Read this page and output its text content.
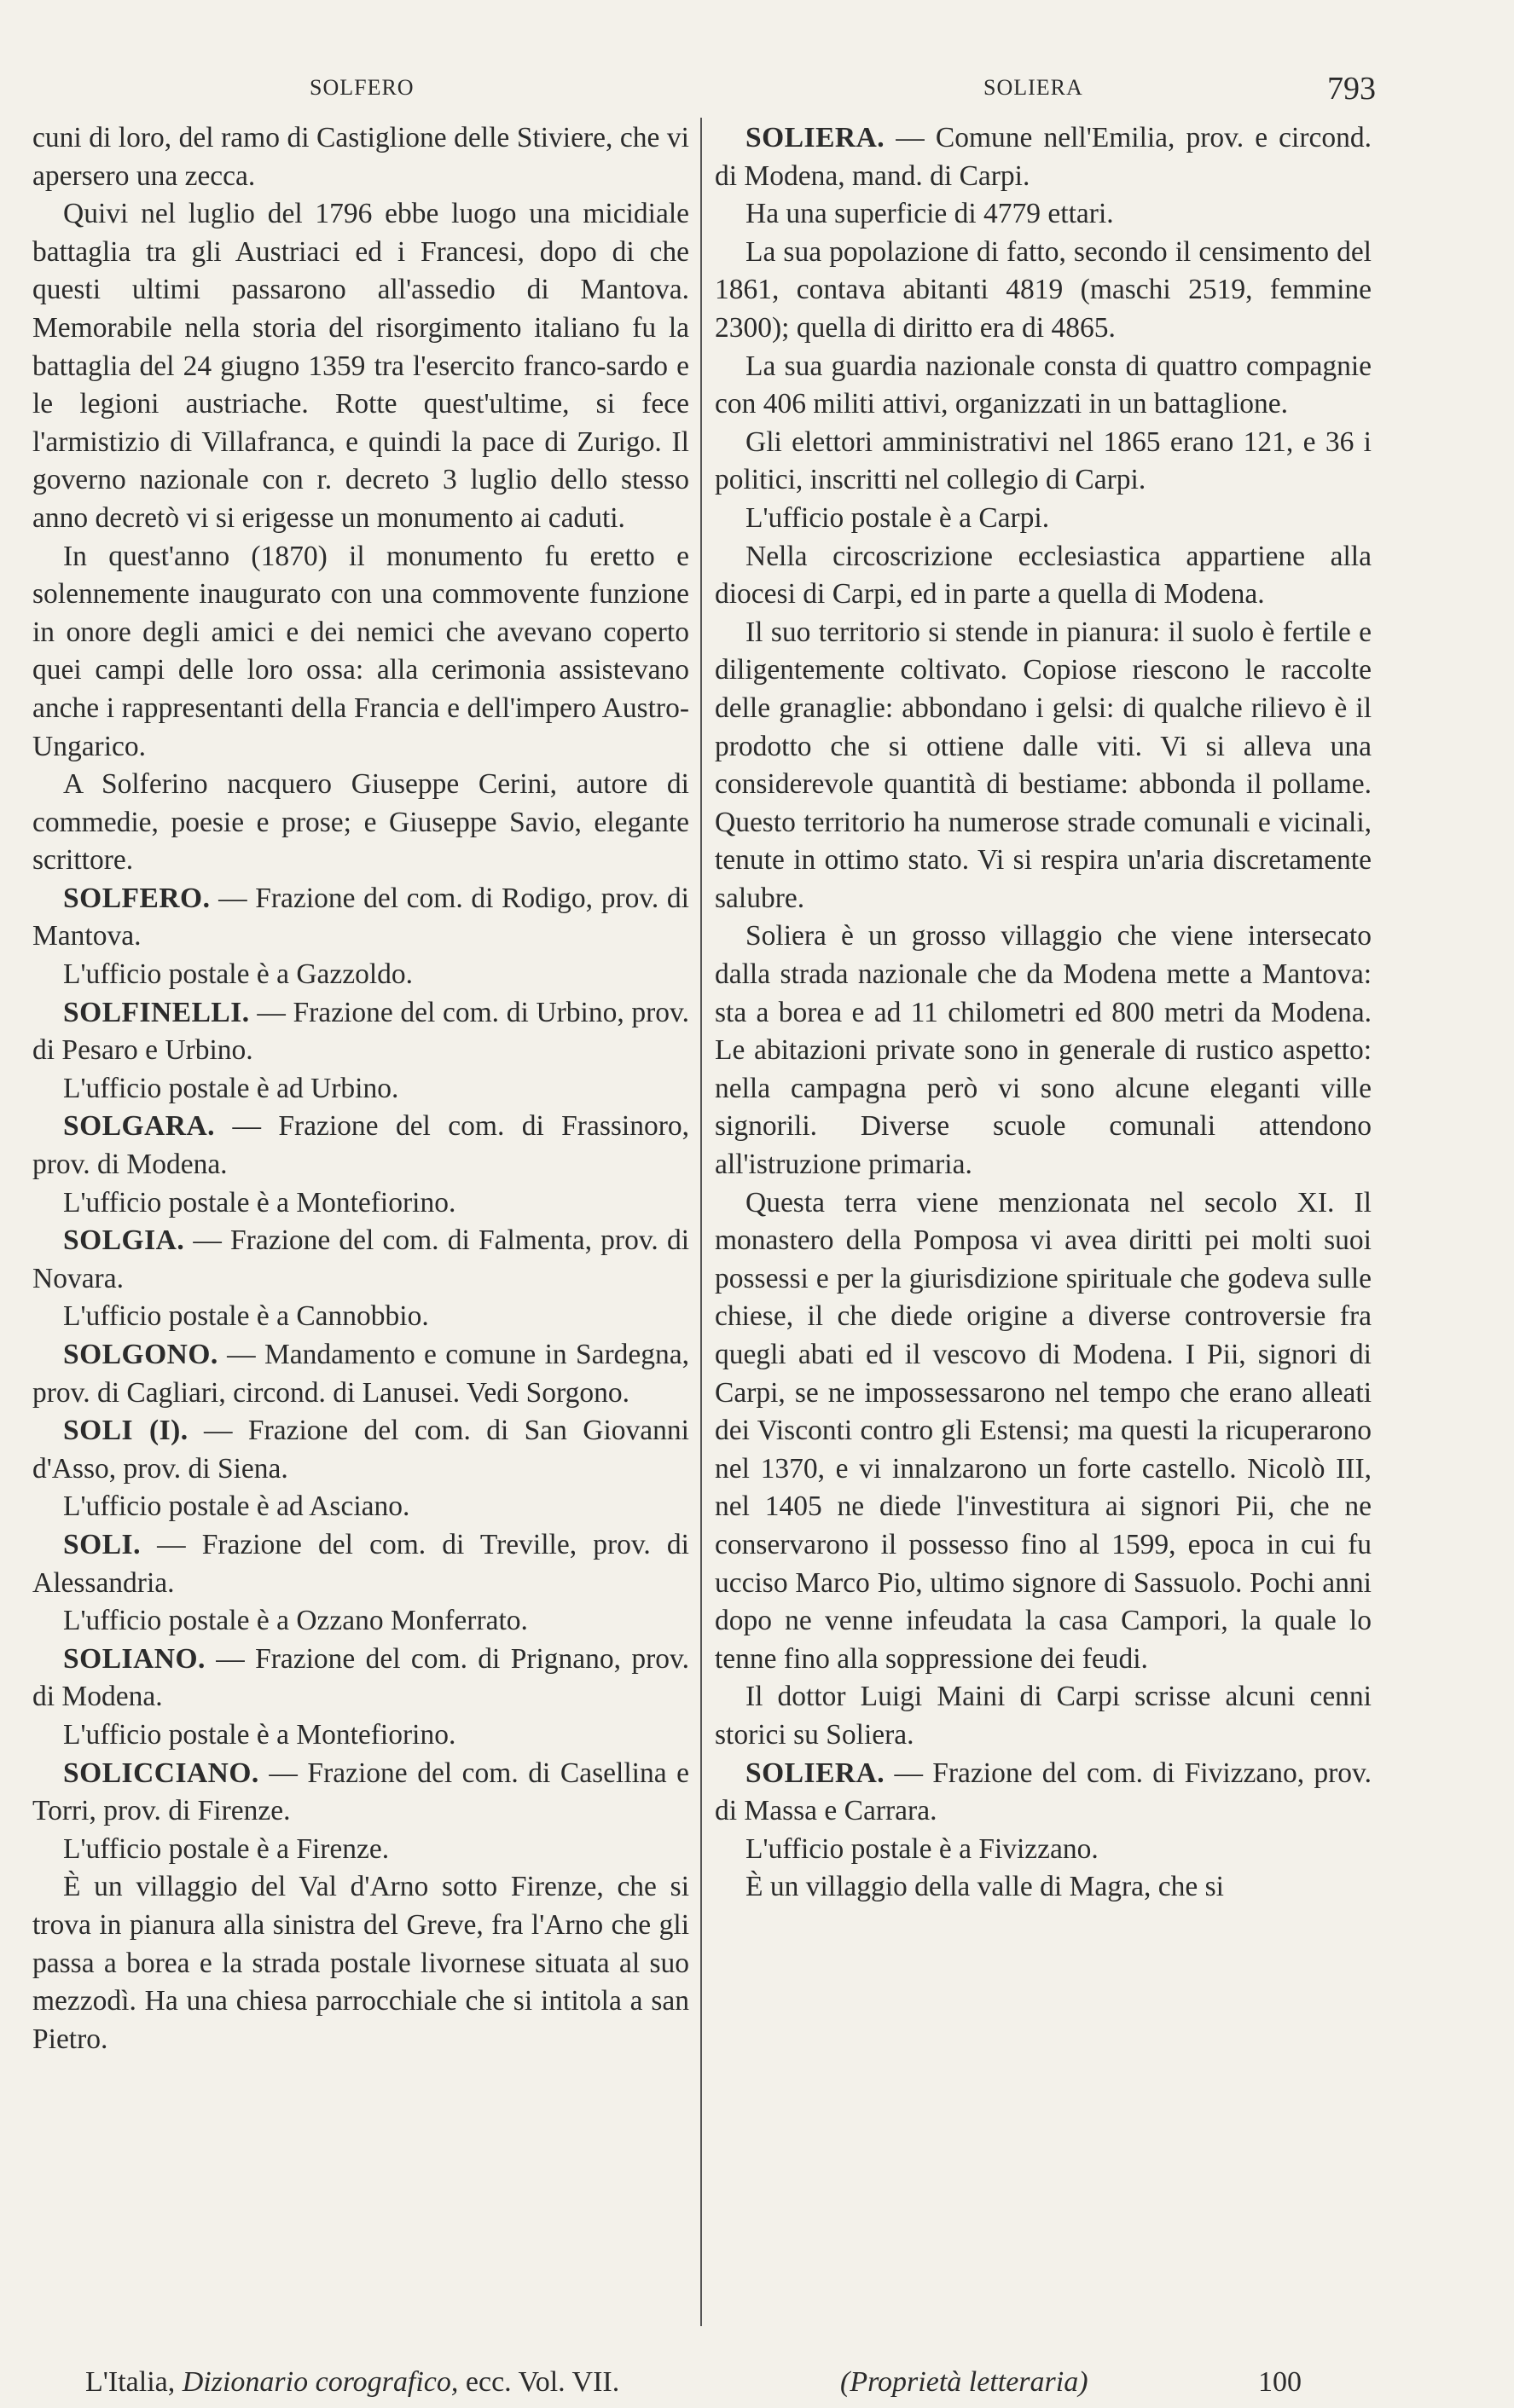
SOLFERO	SOLIERA	793

cuni di loro, del ramo di Castiglione delle Stiviere, che vi apersero una zecca.

Quivi nel luglio del 1796 ebbe luogo una micidiale battaglia tra gli Austriaci ed i Francesi, dopo di che questi ultimi passarono all'assedio di Mantova. Memorabile nella storia del risorgimento italiano fu la battaglia del 24 giugno 1359 tra l'esercito franco-sardo e le legioni austriache. Rotte quest'ultime, si fece l'armistizio di Villafranca, e quindi la pace di Zurigo. Il governo nazionale con r. decreto 3 luglio dello stesso anno decretò vi si erigesse un monumento ai caduti.

In quest'anno (1870) il monumento fu eretto e solennemente inaugurato con una commovente funzione in onore degli amici e dei nemici che avevano coperto quei campi delle loro ossa: alla cerimonia assistevano anche i rappresentanti della Francia e dell'impero Austro-Ungarico.

A Solferino nacquero Giuseppe Cerini, autore di commedie, poesie e prose; e Giuseppe Savio, elegante scrittore.

SOLFERO. — Frazione del com. di Rodigo, prov. di Mantova.

L'ufficio postale è a Gazzoldo.

SOLFINELLI. — Frazione del com. di Urbino, prov. di Pesaro e Urbino.

L'ufficio postale è ad Urbino.

SOLGARA. — Frazione del com. di Frassinoro, prov. di Modena.

L'ufficio postale è a Montefiorino.

SOLGIA. — Frazione del com. di Falmenta, prov. di Novara.

L'ufficio postale è a Cannobbio.

SOLGONO. — Mandamento e comune in Sardegna, prov. di Cagliari, circond. di Lanusei. Vedi Sorgono.

SOLI (I). — Frazione del com. di San Giovanni d'Asso, prov. di Siena.

L'ufficio postale è ad Asciano.

SOLI. — Frazione del com. di Treville, prov. di Alessandria.

L'ufficio postale è a Ozzano Monferrato.

SOLIANO. — Frazione del com. di Prignano, prov. di Modena.

L'ufficio postale è a Montefiorino.

SOLICCIANO. — Frazione del com. di Casellina e Torri, prov. di Firenze.

L'ufficio postale è a Firenze.

È un villaggio del Val d'Arno sotto Firenze, che si trova in pianura alla sinistra del Greve, fra l'Arno che gli passa a borea e la strada postale livornese situata al suo mezzodì. Ha una chiesa parrocchiale che si intitola a san Pietro.

SOLIERA. — Comune nell'Emilia, prov. e circond. di Modena, mand. di Carpi.

Ha una superficie di 4779 ettari.

La sua popolazione di fatto, secondo il censimento del 1861, contava abitanti 4819 (maschi 2519, femmine 2300); quella di diritto era di 4865.

La sua guardia nazionale consta di quattro compagnie con 406 militi attivi, organizzati in un battaglione.

Gli elettori amministrativi nel 1865 erano 121, e 36 i politici, inscritti nel collegio di Carpi.

L'ufficio postale è a Carpi.

Nella circoscrizione ecclesiastica appartiene alla diocesi di Carpi, ed in parte a quella di Modena.

Il suo territorio si stende in pianura: il suolo è fertile e diligentemente coltivato. Copiose riescono le raccolte delle granaglie: abbondano i gelsi: di qualche rilievo è il prodotto che si ottiene dalle viti. Vi si alleva una considerevole quantità di bestiame: abbonda il pollame. Questo territorio ha numerose strade comunali e vicinali, tenute in ottimo stato. Vi si respira un'aria discretamente salubre.

Soliera è un grosso villaggio che viene intersecato dalla strada nazionale che da Modena mette a Mantova: sta a borea e ad 11 chilometri ed 800 metri da Modena. Le abitazioni private sono in generale di rustico aspetto: nella campagna però vi sono alcune eleganti ville signorili. Diverse scuole comunali attendono all'istruzione primaria.

Questa terra viene menzionata nel secolo XI. Il monastero della Pomposa vi avea diritti pei molti suoi possessi e per la giurisdizione spirituale che godeva sulle chiese, il che diede origine a diverse controversie fra quegli abati ed il vescovo di Modena. I Pii, signori di Carpi, se ne impossessarono nel tempo che erano alleati dei Visconti contro gli Estensi; ma questi la ricuperarono nel 1370, e vi innalzarono un forte castello. Nicolò III, nel 1405 ne diede l'investitura ai signori Pii, che ne conservarono il possesso fino al 1599, epoca in cui fu ucciso Marco Pio, ultimo signore di Sassuolo. Pochi anni dopo ne venne infeudata la casa Campori, la quale lo tenne fino alla soppressione dei feudi.

Il dottor Luigi Maini di Carpi scrisse alcuni cenni storici su Soliera.

SOLIERA. — Frazione del com. di Fivizzano, prov. di Massa e Carrara.

L'ufficio postale è a Fivizzano.

È un villaggio della valle di Magra, che si

L'Italia, Dizionario corografico, ecc. Vol. VII.	(Proprietà letteraria)	100
